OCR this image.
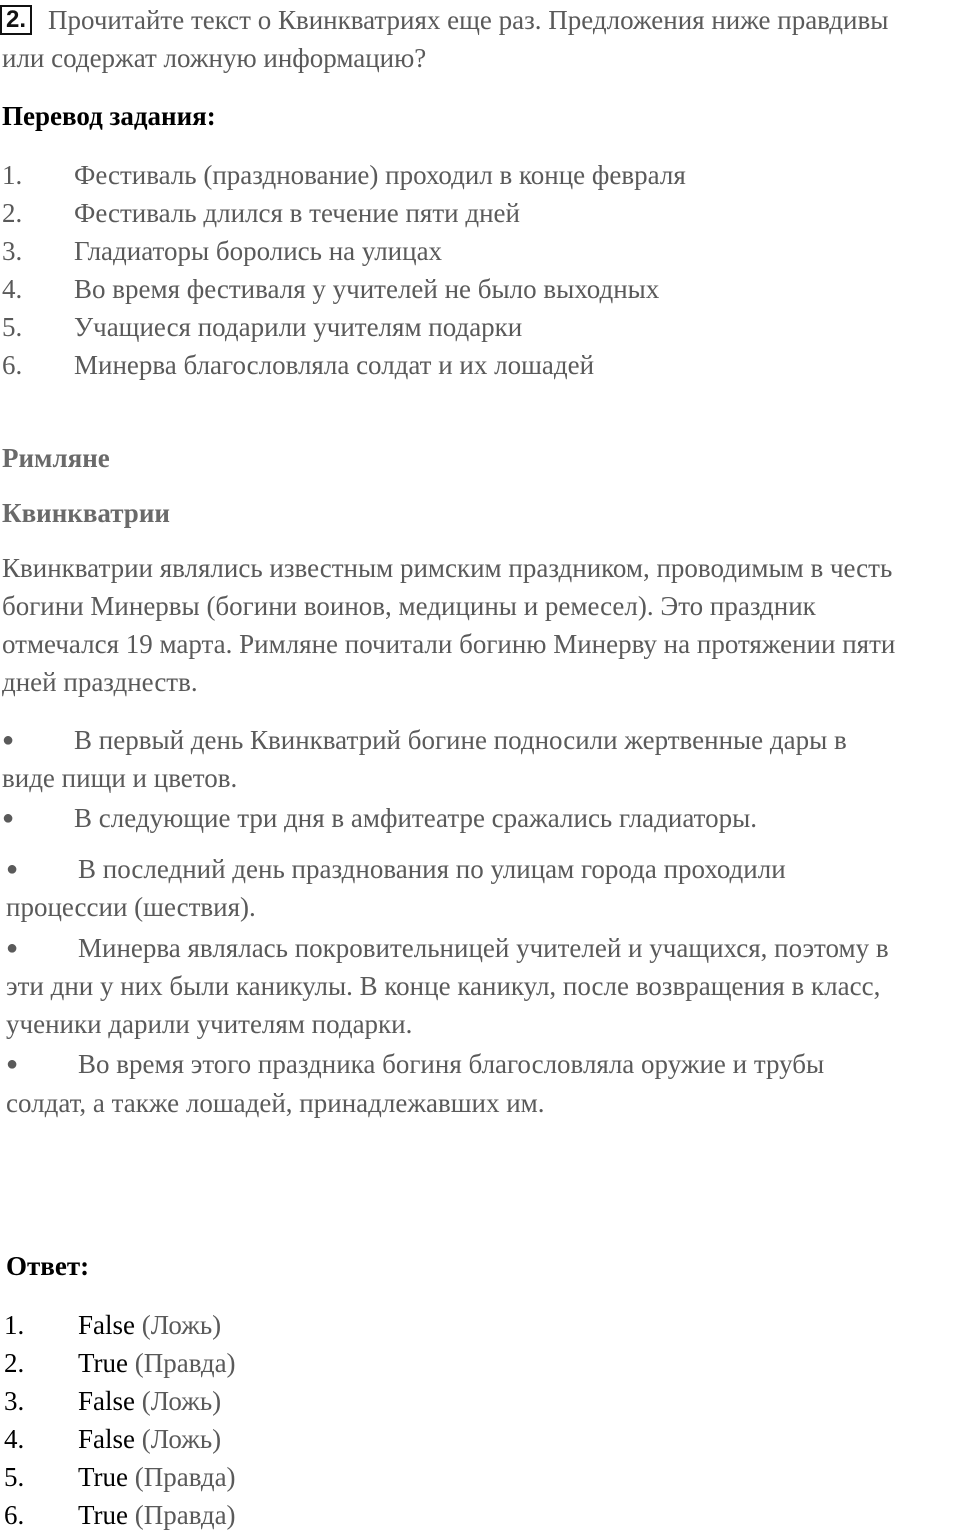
2. Прочитайте текст о Квинкватриях еще раз. Предложения ниже правдивы
или содержат ложную информацию?
Перевод задания:
1. Фестиваль (празднование) проходил в конце февраля
2. Фестиваль длился в течение пяти дней
3. Гладиаторы боролись на улицах
4. Во время фестиваля у учителей не было выходных
5. Учащиеся подарили учителям подарки
6. Минерва благословляла солдат и их лошадей
Римляне
Квинкватрии
Квинкватрии являлись известным римским праздником, проводимым в честь
богини Минервы (богини воинов, медицины и ремесел). Это праздник
отмечался 19 марта. Римляне почитали богиню Минерву на протяжении пяти
дней празднеств.
● В первый день Квинкватрий богине подносили жертвенные дары в
виде пищи и цветов.
● В следующие три дня в амфитеатре сражались гладиаторы.
● В последний день празднования по улицам города проходили
процессии (шествия).
● Минерва являлась покровительницей учителей и учащихся, поэтому в
эти дни у них были каникулы. В конце каникул, после возвращения в класс,
ученики дарили учителям подарки.
● Во время этого праздника богиня благословляла оружие и трубы
солдат, а также лошадей, принадлежавших им.
Ответ:
1. False (Ложь)
2. True (Правда)
3. False (Ложь)
4. False (Ложь)
5. True (Правда)
6. True (Правда)
